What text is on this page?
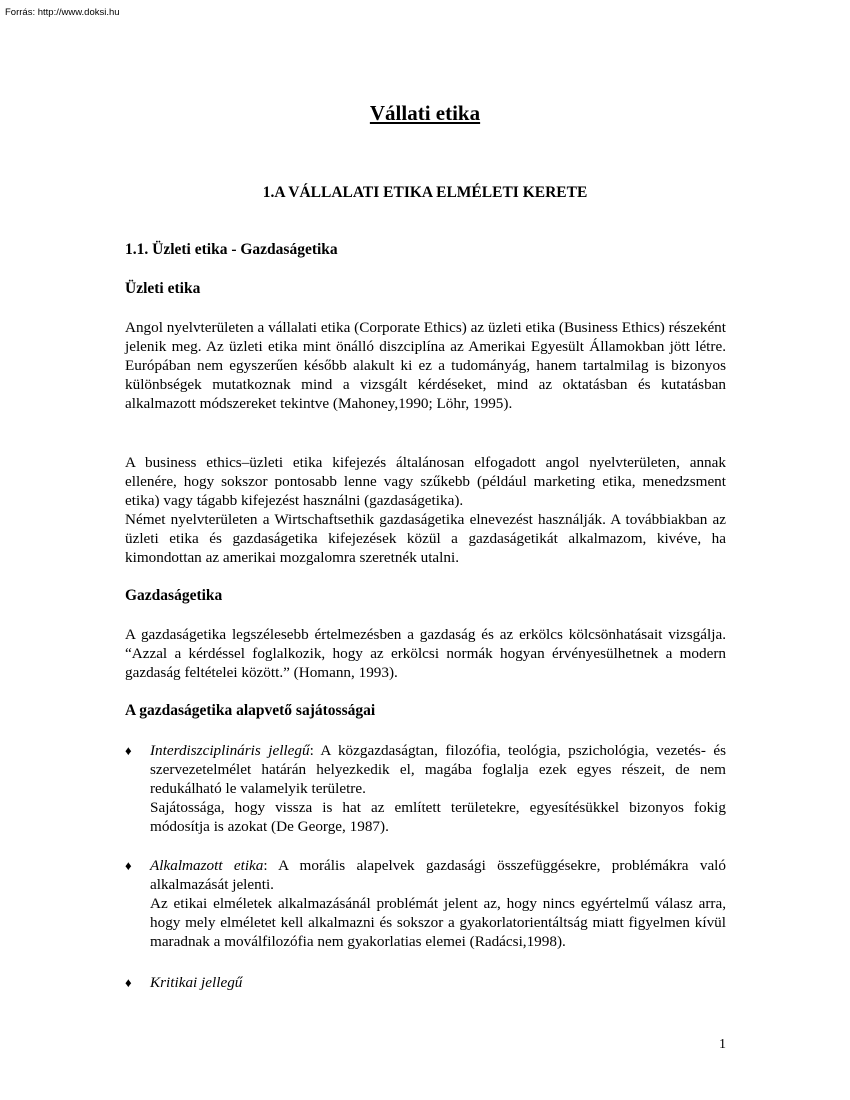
Forrás: http://www.doksi.hu
Vállati etika
1.A VÁLLALATI ETIKA ELMÉLETI KERETE
1.1. Üzleti etika - Gazdaságetika
Üzleti etika

Angol nyelvterületen a vállalati etika (Corporate Ethics) az üzleti etika (Business Ethics) részeként jelenik meg. Az üzleti etika mint önálló diszciplína az Amerikai Egyesült Államokban jött létre. Európában nem egyszerűen később alakult ki ez a tudományág, hanem tartalmilag is bizonyos különbségek mutatkoznak mind a vizsgált kérdéseket, mind az oktatásban és kutatásban alkalmazott módszereket tekintve (Mahoney,1990; Löhr, 1995).

A business ethics–üzleti etika kifejezés általánosan elfogadott angol nyelvterületen, annak ellenére, hogy sokszor pontosabb lenne vagy szűkebb (például marketing etika, menedzsment etika) vagy tágabb kifejezést használni (gazdaságetika).

Német nyelvterületen a Wirtschaftsethik gazdaságetika elnevezést használják. A továbbiakban az üzleti etika és gazdaságetika kifejezések közül a gazdaságetikát alkalmazom, kivéve, ha kimondottan az amerikai mozgalomra szeretnék utalni.

Gazdaságetika

A gazdaságetika legszélesebb értelmezésben a gazdaság és az erkölcs kölcsönhatásait vizsgálja. “Azzal a kérdéssel foglalkozik, hogy az erkölcsi normák hogyan érvényesülhetnek a modern gazdaság feltételei között.” (Homann, 1993).

A gazdaságetika alapvető sajátosságai
♦ Interdiszciplináris jellegű: A közgazdaságtan, filozófia, teológia, pszichológia, vezetés- és szervezetelmélet határán helyezkedik el, magába foglalja ezek egyes részeit, de nem redukálható le valamelyik területre.

Sajátossága, hogy vissza is hat az említett területekre, egyesítésükkel bizonyos fokig módosítja is azokat (De George, 1987).

♦ Alkalmazott etika: A morális alapelvek gazdasági összefüggésekre, problémákra való alkalmazását jelenti.

Az etikai elméletek alkalmazásánál problémát jelent az, hogy nincs egyértelmű válasz arra, hogy mely elméletet kell alkalmazni és sokszor a gyakorlatorientáltság miatt figyelmen kívül maradnak a moválfilozófia nem gyakorlatias elemei (Radácsi,1998).

♦ Kritikai jellegű

1
